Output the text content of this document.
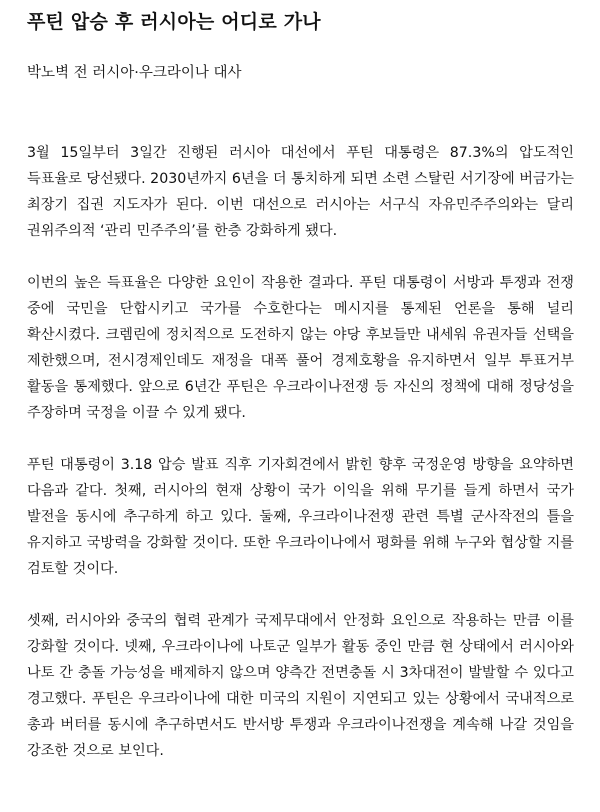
푸틴 압승 후 러시아는 어디로 가나

박노벽 전 러시아·우크라이나 대사

3월 15일부터 3일간 진행된 러시아 대선에서 푸틴 대통령은 87.3%의 압도적인 득표율로 당선됐다. 2030년까지 6년을 더 통치하게 되면 소련 스탈린 서기장에 버금가는 최장기 집권 지도자가 된다. 이번 대선으로 러시아는 서구식 자유민주주의와는 달리 권위주의적 ‘관리 민주주의’를 한층 강화하게 됐다.

이번의 높은 득표율은 다양한 요인이 작용한 결과다. 푸틴 대통령이 서방과 투쟁과 전쟁 중에 국민을 단합시키고 국가를 수호한다는 메시지를 통제된 언론을 통해 널리 확산시켰다. 크렘린에 정치적으로 도전하지 않는 야당 후보들만 내세워 유권자들 선택을 제한했으며, 전시경제인데도 재정을 대폭 풀어 경제호황을 유지하면서 일부 투표거부 활동을 통제했다. 앞으로 6년간 푸틴은 우크라이나전쟁 등 자신의 정책에 대해 정당성을 주장하며 국정을 이끌 수 있게 됐다.

푸틴 대통령이 3.18 압승 발표 직후 기자회견에서 밝힌 향후 국정운영 방향을 요약하면 다음과 같다. 첫째, 러시아의 현재 상황이 국가 이익을 위해 무기를 들게 하면서 국가 발전을 동시에 추구하게 하고 있다. 둘째, 우크라이나전쟁 관련 특별 군사작전의 틀을 유지하고 국방력을 강화할 것이다. 또한 우크라이나에서 평화를 위해 누구와 협상할 지를 검토할 것이다.

셋째, 러시아와 중국의 협력 관계가 국제무대에서 안정화 요인으로 작용하는 만큼 이를 강화할 것이다. 넷째, 우크라이나에 나토군 일부가 활동 중인 만큼 현 상태에서 러시아와 나토 간 충돌 가능성을 배제하지 않으며 양측간 전면충돌 시 3차대전이 발발할 수 있다고 경고했다. 푸틴은 우크라이나에 대한 미국의 지원이 지연되고 있는 상황에서 국내적으로 총과 버터를 동시에 추구하면서도 반서방 투쟁과 우크라이나전쟁을 계속해 나갈 것임을 강조한 것으로 보인다.
